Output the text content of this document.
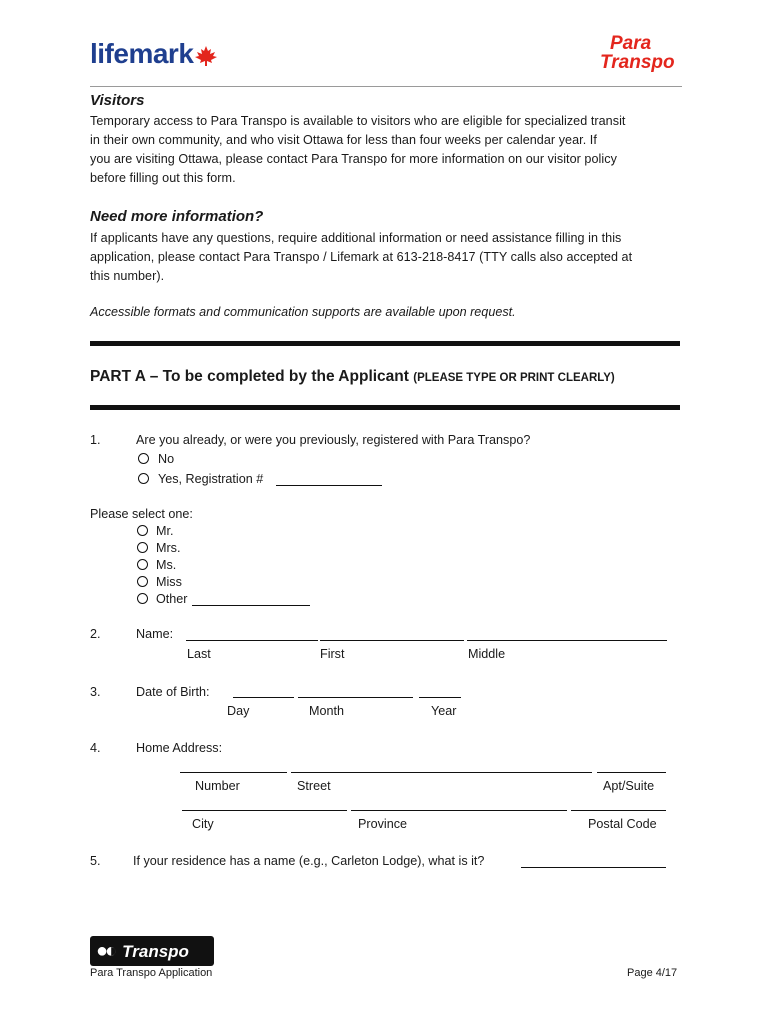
lifemark	Para
Transpo
Visitors
Temporary access to Para Transpo is available to visitors who are eligible for specialized transit
in their own community, and who visit Ottawa for less than four weeks per calendar year. If
you are visiting Ottawa, please contact Para Transpo for more information on our visitor policy
before filling out this form.
Need more information?
If applicants have any questions, require additional information or need assistance filling in this
application, please contact Para Transpo / Lifemark at 613-218-8417 (TTY calls also accepted at
this number).
Accessible formats and communication supports are available upon request.
PART A – To be completed by the Applicant (PLEASE TYPE OR PRINT CLEARLY)
1.	Are you already, or were you previously, registered with Para Transpo?
No
Yes, Registration #
Please select one:
Mr.
Mrs.
Ms.
Miss
Other
2.	Name:
Last	First	Middle
3.	Date of Birth:
Day	Month	Year
4.	Home Address:
Number	Street	Apt/Suite
City	Province	Postal Code
5.	If your residence has a name (e.g., Carleton Lodge), what is it?
●◐ Transpo
Para Transpo Application	Page 4/17
